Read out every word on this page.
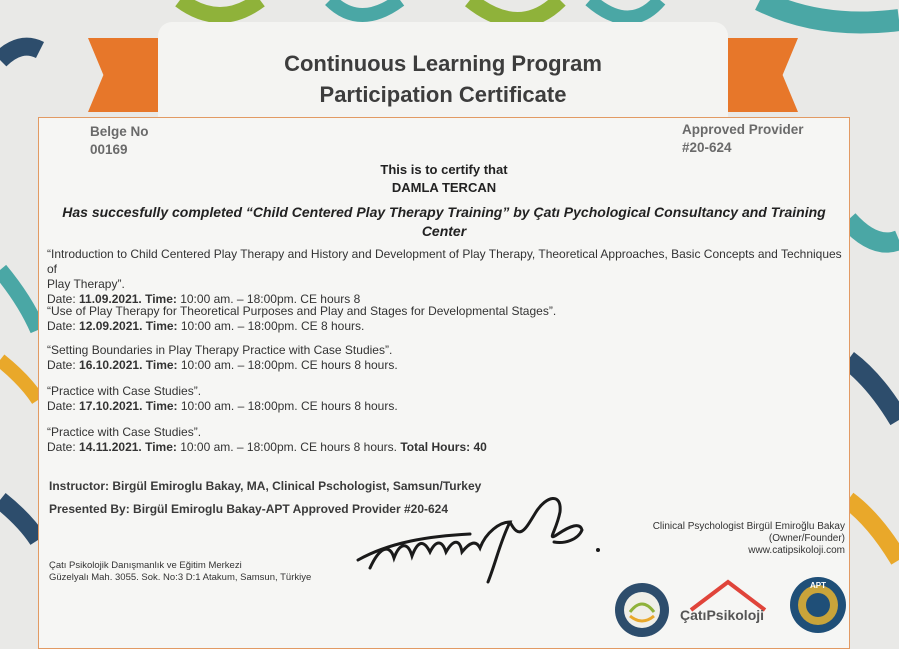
Continuous Learning Program
Participation Certificate
Belge No
00169
Approved Provider
#20-624
This is to certify that
DAMLA TERCAN
Has succesfully completed “Child Centered Play Therapy Training” by Çatı Pychological Consultancy and Training
Center
“Introduction to Child Centered Play Therapy and History and Development of Play Therapy, Theoretical Approaches, Basic Concepts and Techniques of
Play Therapy”.
Date: 11.09.2021. Time: 10:00 am. – 18:00pm. CE hours 8
“Use of Play Therapy for Theoretical Purposes and Play and Stages for Developmental Stages”.
Date: 12.09.2021. Time: 10:00 am. – 18:00pm. CE 8 hours.
“Setting Boundaries in Play Therapy Practice with Case Studies”.
Date: 16.10.2021. Time: 10:00 am. – 18:00pm. CE hours 8 hours.
“Practice with Case Studies”.
Date: 17.10.2021. Time: 10:00 am. – 18:00pm. CE hours 8 hours.
“Practice with Case Studies”.
Date: 14.11.2021. Time: 10:00 am. – 18:00pm. CE hours 8 hours. Total Hours: 40
Instructor: Birgül Emiroglu Bakay, MA, Clinical Pschologist, Samsun/Turkey
Presented By: Birgül Emiroglu Bakay-APT Approved Provider #20-624
Çatı Psikolojik Danışmanlık ve Eğitim Merkezi
Güzelyalı Mah. 3055. Sok. No:3 D:1 Atakum, Samsun, Türkiye
Clinical Psychologist Birgül Emiroğlu Bakay
(Owner/Founder)
www.catipsikoloji.com
ÇatıPsikoloji
APT
